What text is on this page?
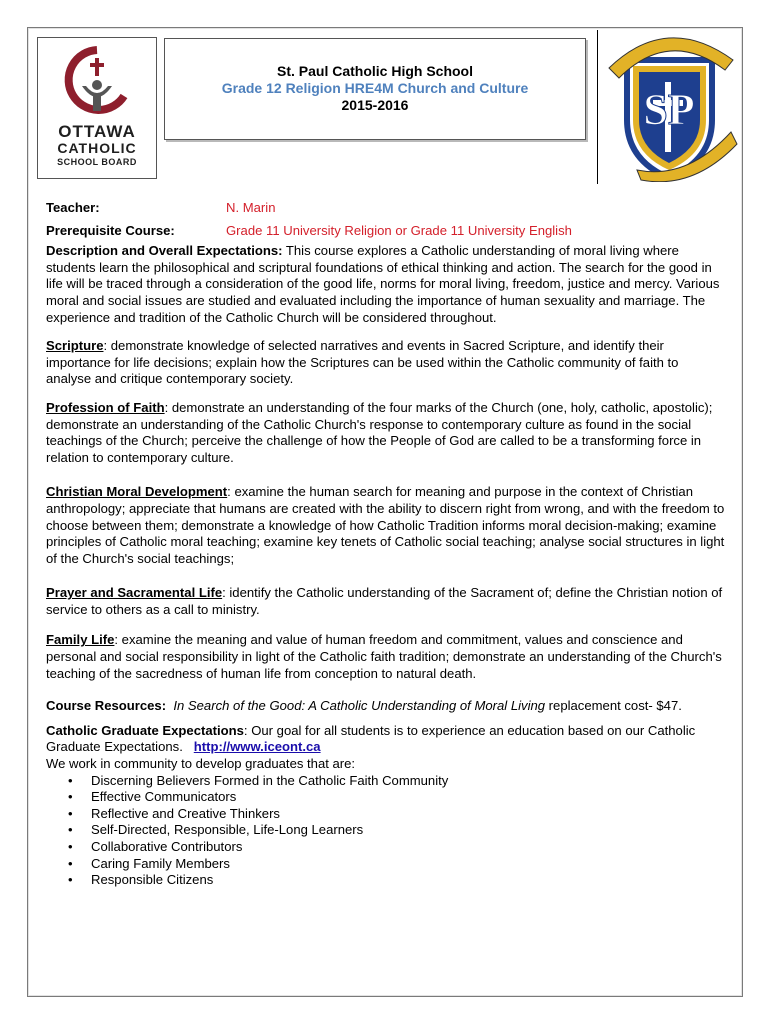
OTTAWA
CATHOLIC
SCHOOL BOARD
St. Paul Catholic High School
Grade 12 Religion HRE4M Church and Culture
2015-2016	SP
Teacher:	N. Marin
Prerequisite Course:	Grade 11 University Religion or Grade 11 University English

Description and Overall Expectations: This course explores a Catholic understanding of moral living where students learn the philosophical and scriptural foundations of ethical thinking and action. The search for the good in life will be traced through a consideration of the good life, norms for moral living, freedom, justice and mercy. Various moral and social issues are studied and evaluated including the importance of human sexuality and marriage. The experience and tradition of the Catholic Church will be considered throughout.

Scripture: demonstrate knowledge of selected narratives and events in Sacred Scripture, and identify their importance for life decisions; explain how the Scriptures can be used within the Catholic community of faith to analyse and critique contemporary society.

Profession of Faith: demonstrate an understanding of the four marks of the Church (one, holy, catholic, apostolic); demonstrate an understanding of the Catholic Church's response to contemporary culture as found in the social teachings of the Church; perceive the challenge of how the People of God are called to be a transforming force in relation to contemporary culture.

Christian Moral Development: examine the human search for meaning and purpose in the context of Christian anthropology; appreciate that humans are created with the ability to discern right from wrong, and with the freedom to choose between them; demonstrate a knowledge of how Catholic Tradition informs moral decision-making; examine principles of Catholic moral teaching; examine key tenets of Catholic social teaching; analyse social structures in light of the Church's social teachings;

Prayer and Sacramental Life: identify the Catholic understanding of the Sacrament of; define the Christian notion of service to others as a call to ministry.

Family Life: examine the meaning and value of human freedom and commitment, values and conscience and personal and social responsibility in light of the Catholic faith tradition; demonstrate an understanding of the Church's teaching of the sacredness of human life from conception to natural death.

Course Resources: In Search of the Good: A Catholic Understanding of Moral Living replacement cost- $47.

Catholic Graduate Expectations: Our goal for all students is to experience an education based on our Catholic Graduate Expectations. http://www.iceont.ca
We work in community to develop graduates that are:
• Discerning Believers Formed in the Catholic Faith Community
• Effective Communicators
• Reflective and Creative Thinkers
• Self-Directed, Responsible, Life-Long Learners
• Collaborative Contributors
• Caring Family Members
• Responsible Citizens
